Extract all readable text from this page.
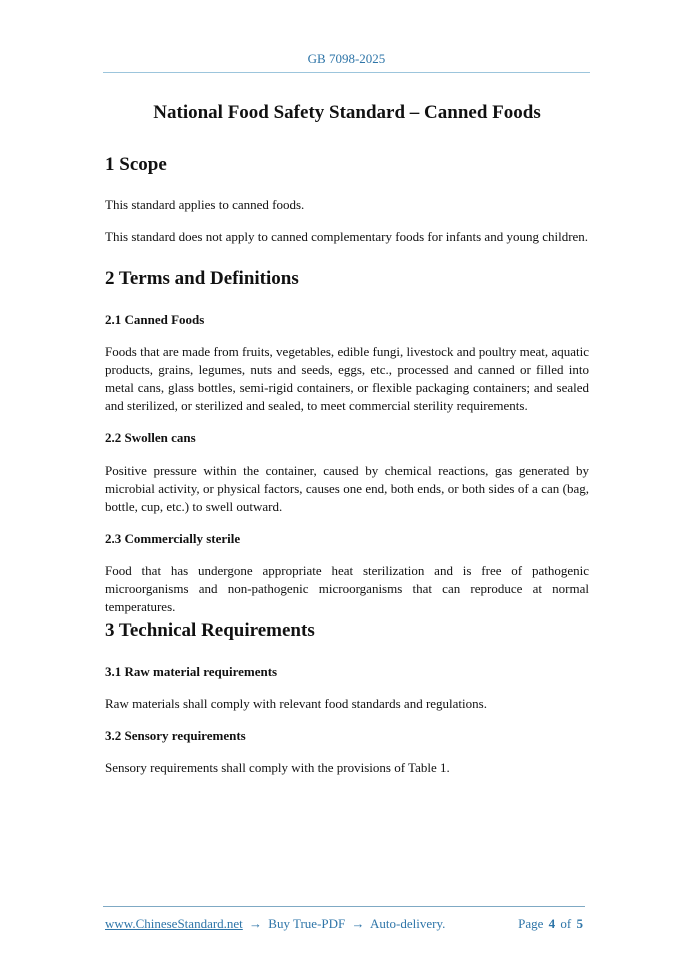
GB 7098-2025
National Food Safety Standard – Canned Foods
1 Scope

This standard applies to canned foods.

This standard does not apply to canned complementary foods for infants and young children.

2 Terms and Definitions
2.1 Canned Foods

Foods that are made from fruits, vegetables, edible fungi, livestock and poultry meat, aquatic products, grains, legumes, nuts and seeds, eggs, etc., processed and canned or filled into metal cans, glass bottles, semi-rigid containers, or flexible packaging containers; and sealed and sterilized, or sterilized and sealed, to meet commercial sterility requirements.

2.2 Swollen cans

Positive pressure within the container, caused by chemical reactions, gas generated by microbial activity, or physical factors, causes one end, both ends, or both sides of a can (bag, bottle, cup, etc.) to swell outward.

2.3 Commercially sterile

Food that has undergone appropriate heat sterilization and is free of pathogenic microorganisms and non-pathogenic microorganisms that can reproduce at normal temperatures.

3 Technical Requirements
3.1 Raw material requirements

Raw materials shall comply with relevant food standards and regulations.

3.2 Sensory requirements

Sensory requirements shall comply with the provisions of Table 1.

www.ChineseStandard.net → Buy True-PDF → Auto-delivery.	Page 4 of 5
